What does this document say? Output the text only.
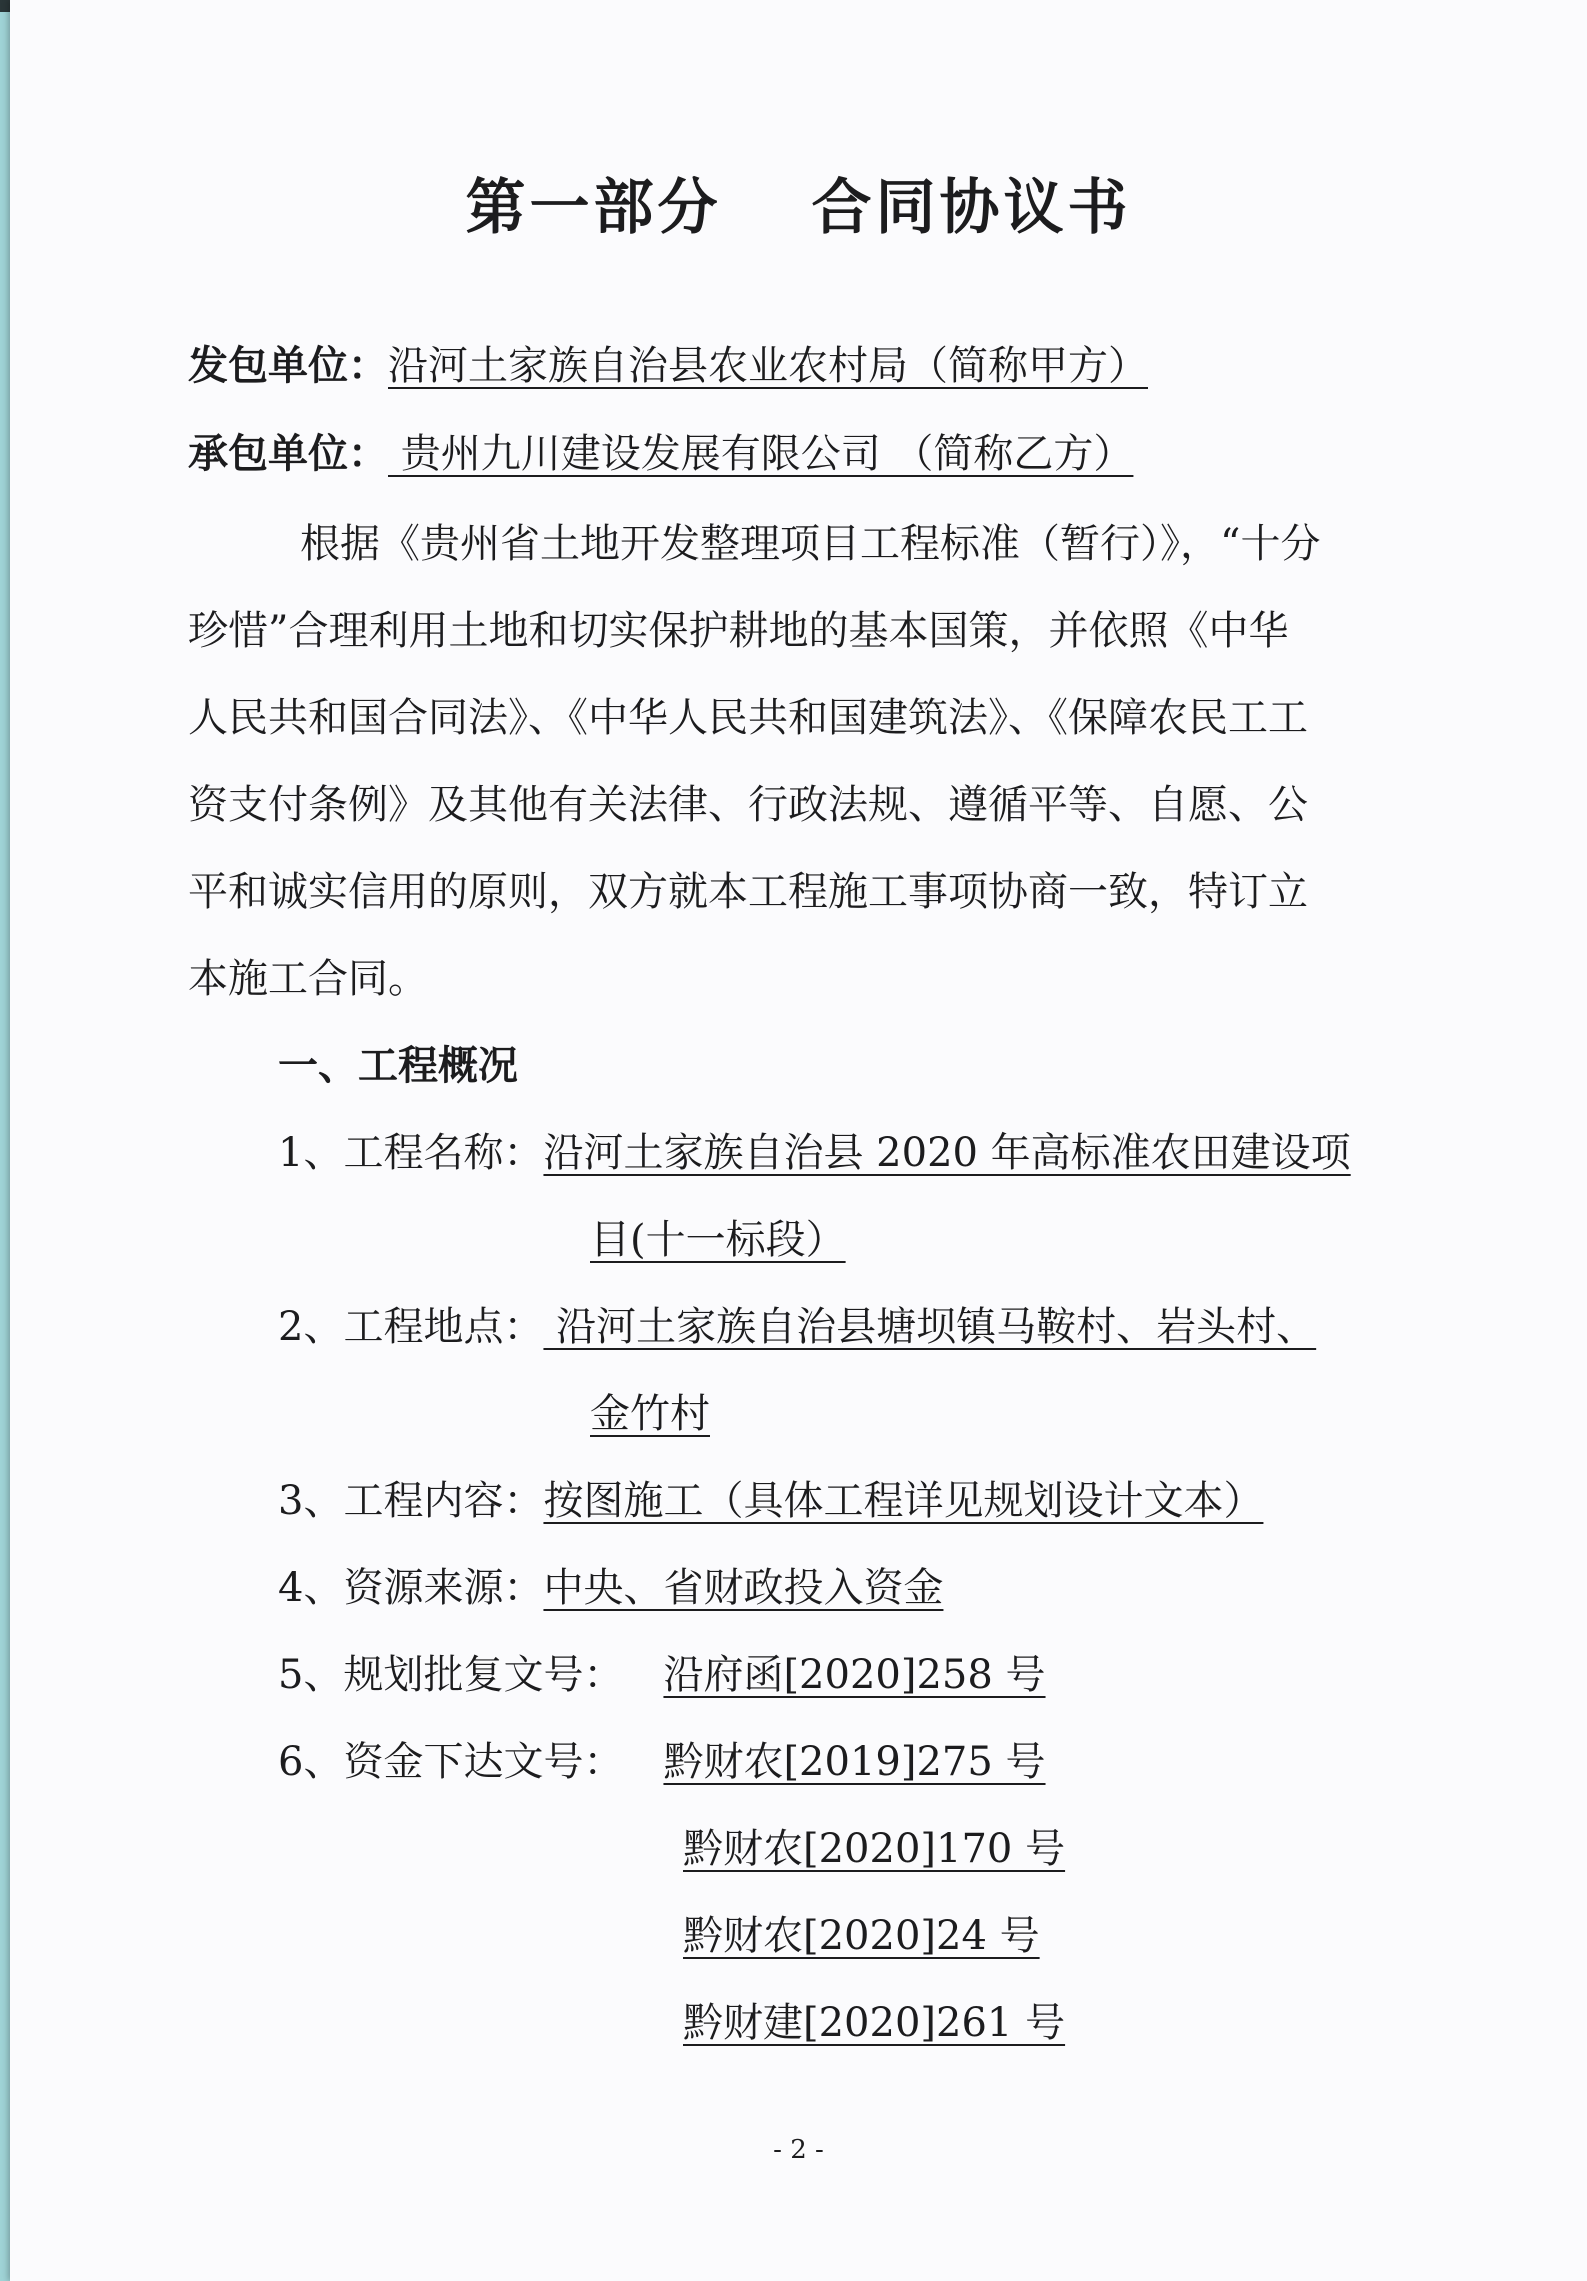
第一部分 合同协议书
发包单位：沿河土家族自治县农业农村局（简称甲方）
承包单位： 贵州九川建设发展有限公司 （简称乙方）
根据《贵州省土地开发整理项目工程标准（暂行）》，“十分
珍惜”合理利用土地和切实保护耕地的基本国策，并依照《中华
人民共和国合同法》、《中华人民共和国建筑法》、《保障农民工工
资支付条例》及其他有关法律、行政法规、遵循平等、自愿、公
平和诚实信用的原则，双方就本工程施工事项协商一致，特订立
本施工合同。
一、工程概况
1、工程名称：沿河土家族自治县 2020 年高标准农田建设项
目(十一标段）
2、工程地点： 沿河土家族自治县塘坝镇马鞍村、岩头村、
金竹村
3、工程内容：按图施工（具体工程详见规划设计文本）
4、资源来源：中央、省财政投入资金
5、规划批复文号： 沿府函[2020]258 号
6、资金下达文号： 黔财农[2019]275 号
黔财农[2020]170 号
黔财农[2020]24 号
黔财建[2020]261 号
- 2 -
